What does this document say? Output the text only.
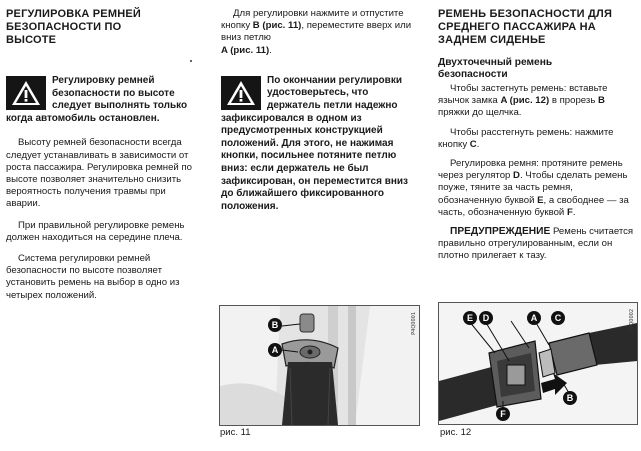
РЕГУЛИРОВКА РЕМНЕЙ БЕЗОПАСНОСТИ ПО ВЫСОТЕ
Регулировку ремней безопасности по высоте следует выполнять только когда автомобиль остановлен.

Высоту ремней безопасности всегда следует устанавливать в зависимости от роста пассажира. Регулировка ремней по высоте позволяет значительно снизить вероятность получения травмы при аварии.

При правильной регулировке ремень должен находиться на середине плеча.

Система регулировки ремней безопасности по высоте позволяет установить ремень на выбор в одно из четырех положений.

Для регулировки нажмите и отпустите кнопку B (рис. 11), переместите вверх или вниз петлю
A (рис. 11).

По окончании регулировки удостоверьтесь, что держатель петли надежно зафиксировался в одном из предусмотренных конструкцией положений. Для этого, не нажимая кнопки, посильнее потяните петлю вниз: если держатель не был зафиксирован, он переместится вниз до ближайшего фиксированного положения.
B
A
P4Q0001
рис. 11
РЕМЕНЬ БЕЗОПАСНОСТИ ДЛЯ СРЕДНЕГО ПАССАЖИРА НА ЗАДНЕМ СИДЕНЬЕ
Двухточечный ремень безопасности

Чтобы застегнуть ремень: вставьте язычок замка A (рис. 12) в прорезь B пряжки до щелчка.

Чтобы расстегнуть ремень: нажмите кнопку C.

Регулировка ремня: протяните ремень через регулятор D. Чтобы сделать ремень поуже, тяните за часть ремня, обозначенную буквой E, а свободнее — за часть, обозначенную буквой F.

ПРЕДУПРЕЖДЕНИЕ Ремень считается правильно отрегулированным, если он плотно прилегает к тазу.

E	D	A	C
B
F
P4Q0002
рис. 12
